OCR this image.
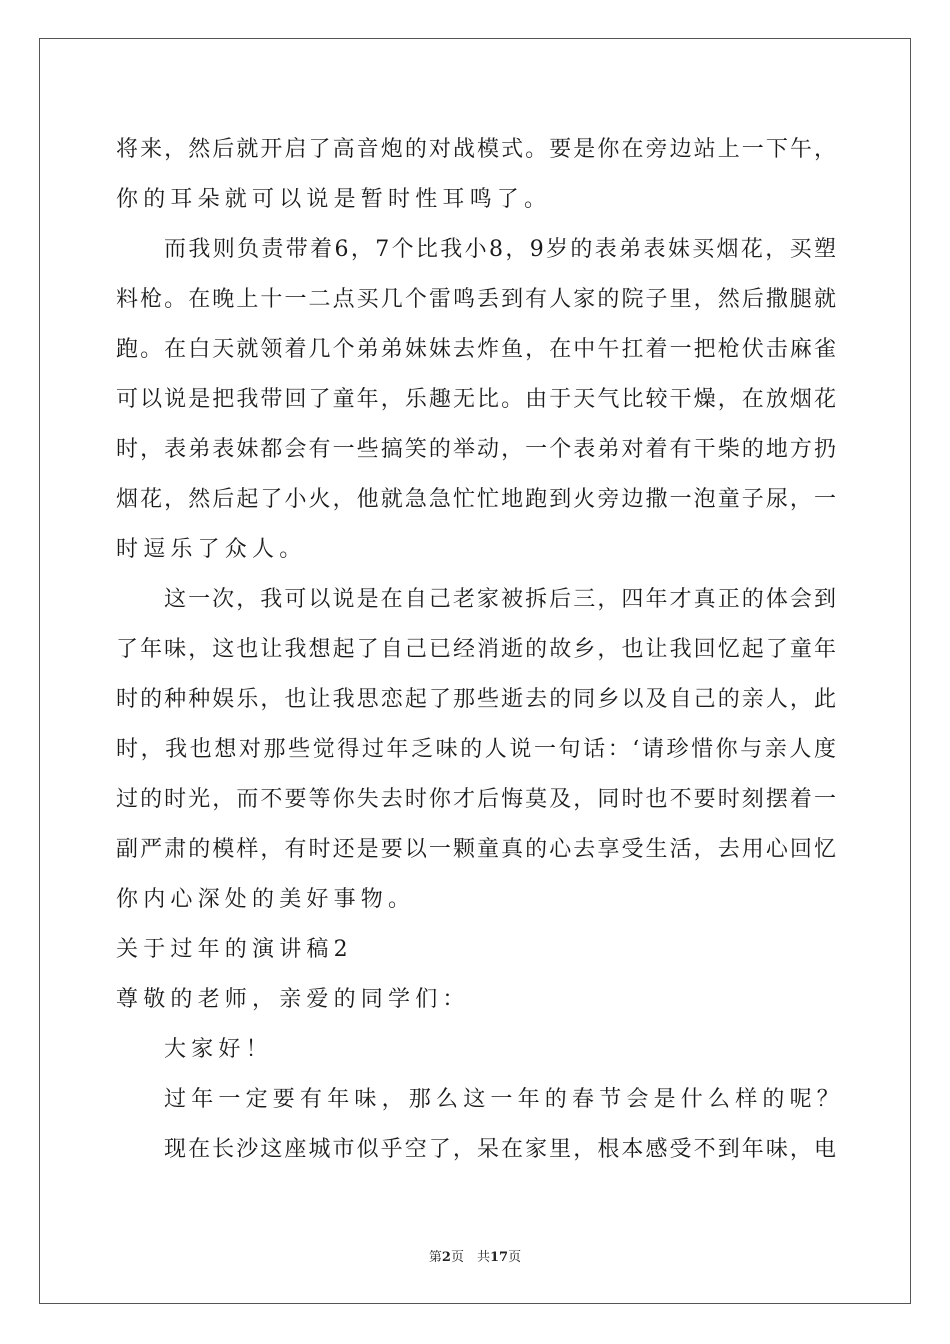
将来，然后就开启了高音炮的对战模式。要是你在旁边站上一下午，
你的耳朵就可以说是暂时性耳鸣了。
而我则负责带着6，7个比我小8，9岁的表弟表妹买烟花，买塑
料枪。在晚上十一二点买几个雷鸣丢到有人家的院子里，然后撒腿就
跑。在白天就领着几个弟弟妹妹去炸鱼，在中午扛着一把枪伏击麻雀
可以说是把我带回了童年，乐趣无比。由于天气比较干燥，在放烟花
时，表弟表妹都会有一些搞笑的举动，一个表弟对着有干柴的地方扔
烟花，然后起了小火，他就急急忙忙地跑到火旁边撒一泡童子尿，一
时逗乐了众人。
这一次，我可以说是在自己老家被拆后三，四年才真正的体会到
了年味，这也让我想起了自己已经消逝的故乡，也让我回忆起了童年
时的种种娱乐，也让我思恋起了那些逝去的同乡以及自己的亲人，此
时，我也想对那些觉得过年乏味的人说一句话：‘请珍惜你与亲人度
过的时光，而不要等你失去时你才后悔莫及，同时也不要时刻摆着一
副严肃的模样，有时还是要以一颗童真的心去享受生活，去用心回忆
你内心深处的美好事物。
关于过年的演讲稿2
尊敬的老师，亲爱的同学们：
大家好！
过年一定要有年味，那么这一年的春节会是什么样的呢？
现在长沙这座城市似乎空了，呆在家里，根本感受不到年味，电
第2页　共17页
